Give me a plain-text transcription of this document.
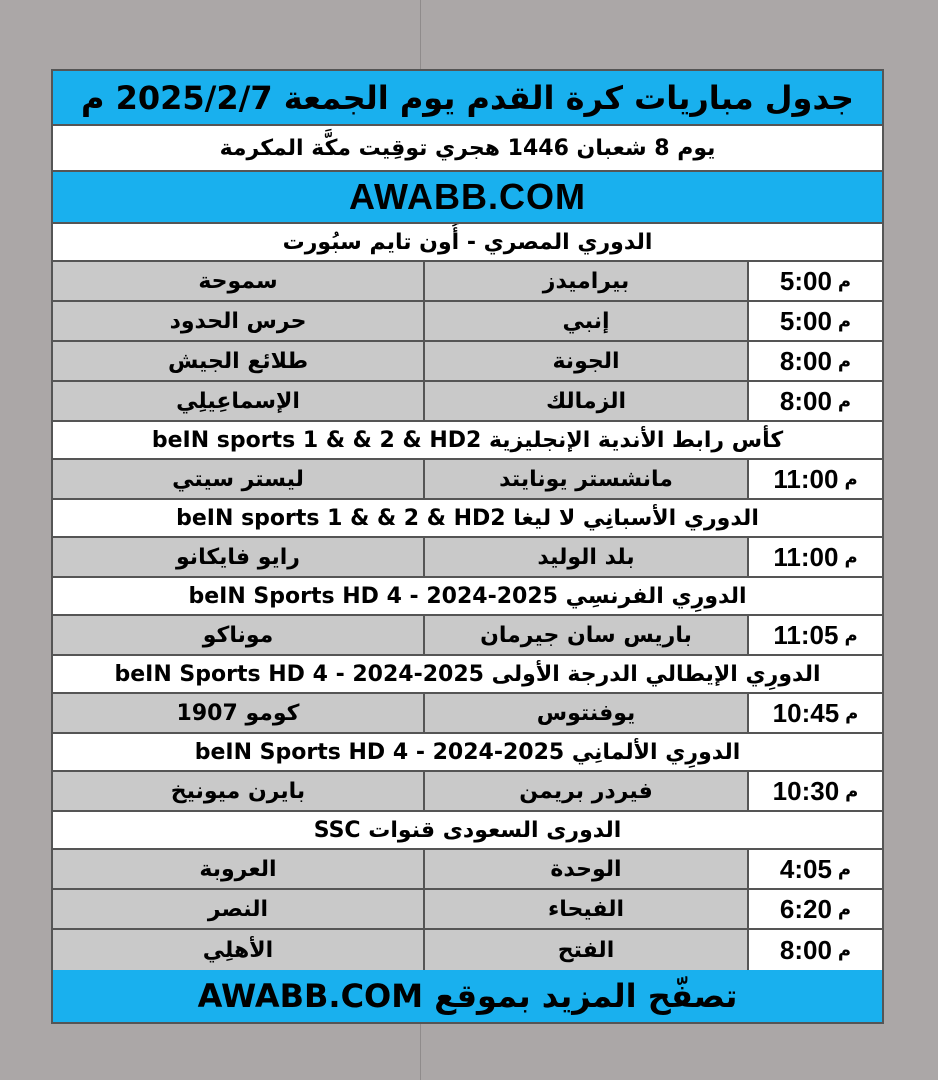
جدول مباريات كرة القدم يوم الجمعة 2025/2/7 م
يوم 8 شعبان 1446 هجري توقِيت مكَّة المكرمة
AWABB.COM
الدوري المصري - أُون تايم سبُورت
م
5:00
بيراميدز
سموحة
م
5:00
إنبي
حرس الحدود
م
8:00
الجونة
طلائع الجيش
م
8:00
الزمالك
الإسماعِيلِي
كأس رابط الأندية الإنجليزية beIN sports 1 & & 2 & HD2
م
11:00
مانشستر يونايتد
ليستر سيتي
الدوري الأسبانِي لا ليغا beIN sports 1 & & 2 & HD2
م
11:00
بلد الوليد
رايو فايكانو
الدورِي الفرنسِي 2025-2024 - beIN Sports HD 4
م
11:05
باريس سان جيرمان
موناكو
الدورِي الإيطالي الدرجة الأولى 2025-2024 - beIN Sports HD 4
م
10:45
يوفنتوس
كومو 1907
الدورِي الألمانِي 2025-2024 - beIN Sports HD 4
م
10:30
فيردر بريمن
بايرن ميونيخ
الدورى السعودى قنوات SSC
م
4:05
الوحدة
العروبة
م
6:20
الفيحاء
النصر
م
8:00
الفتح
الأهلِي
تصفّح المزيد بموقع AWABB.COM
